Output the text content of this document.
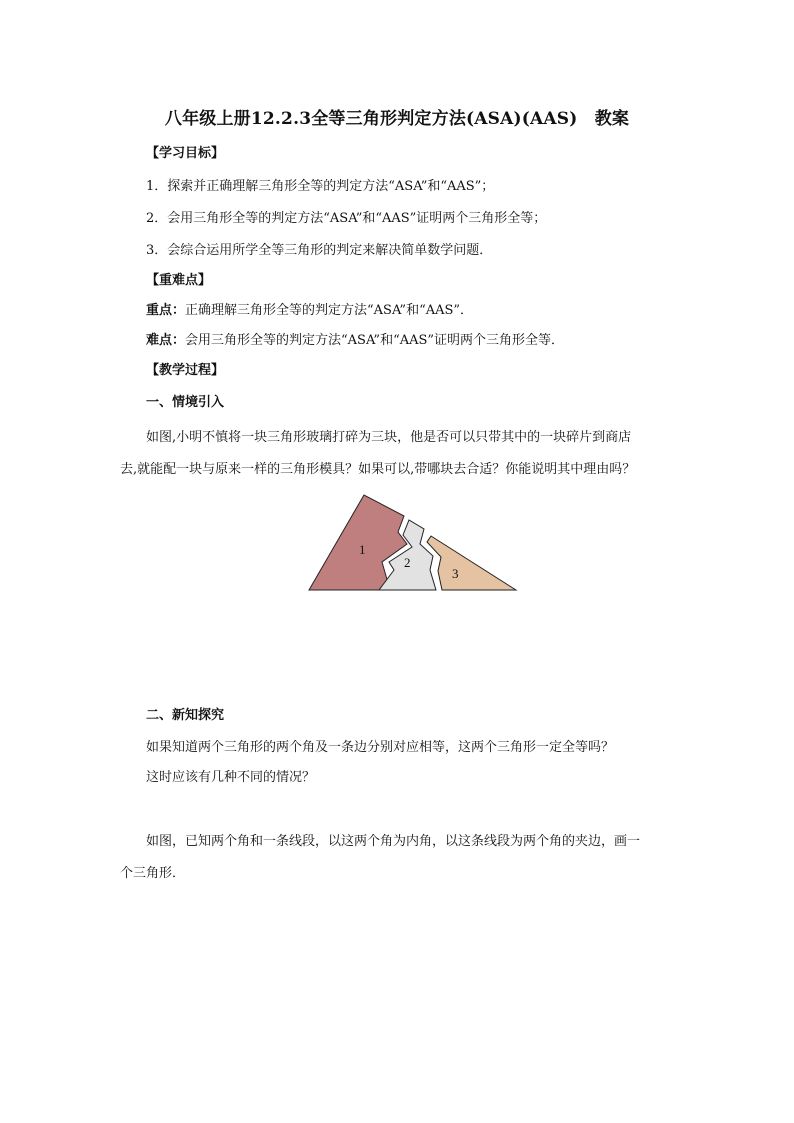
八年级上册12.2.3全等三角形判定方法(ASA)(AAS)　教案
【学习目标】
1．探索并正确理解三角形全等的判定方法“ASA”和“AAS”；
2．会用三角形全等的判定方法“ASA”和“AAS”证明两个三角形全等；
3．会综合运用所学全等三角形的判定来解决简单数学问题．
【重难点】
重点：正确理解三角形全等的判定方法“ASA”和“AAS”．
难点：会用三角形全等的判定方法“ASA”和“AAS”证明两个三角形全等．
【教学过程】
一、情境引入
如图,小明不慎将一块三角形玻璃打碎为三块，他是否可以只带其中的一块碎片到商店
去,就能配一块与原来一样的三角形模具？如果可以,带哪块去合适？你能说明其中理由吗？
1
2
3
二、新知探究
如果知道两个三角形的两个角及一条边分别对应相等，这两个三角形一定全等吗？
这时应该有几种不同的情况？
如图，已知两个角和一条线段，以这两个角为内角，以这条线段为两个角的夹边，画一
个三角形．
